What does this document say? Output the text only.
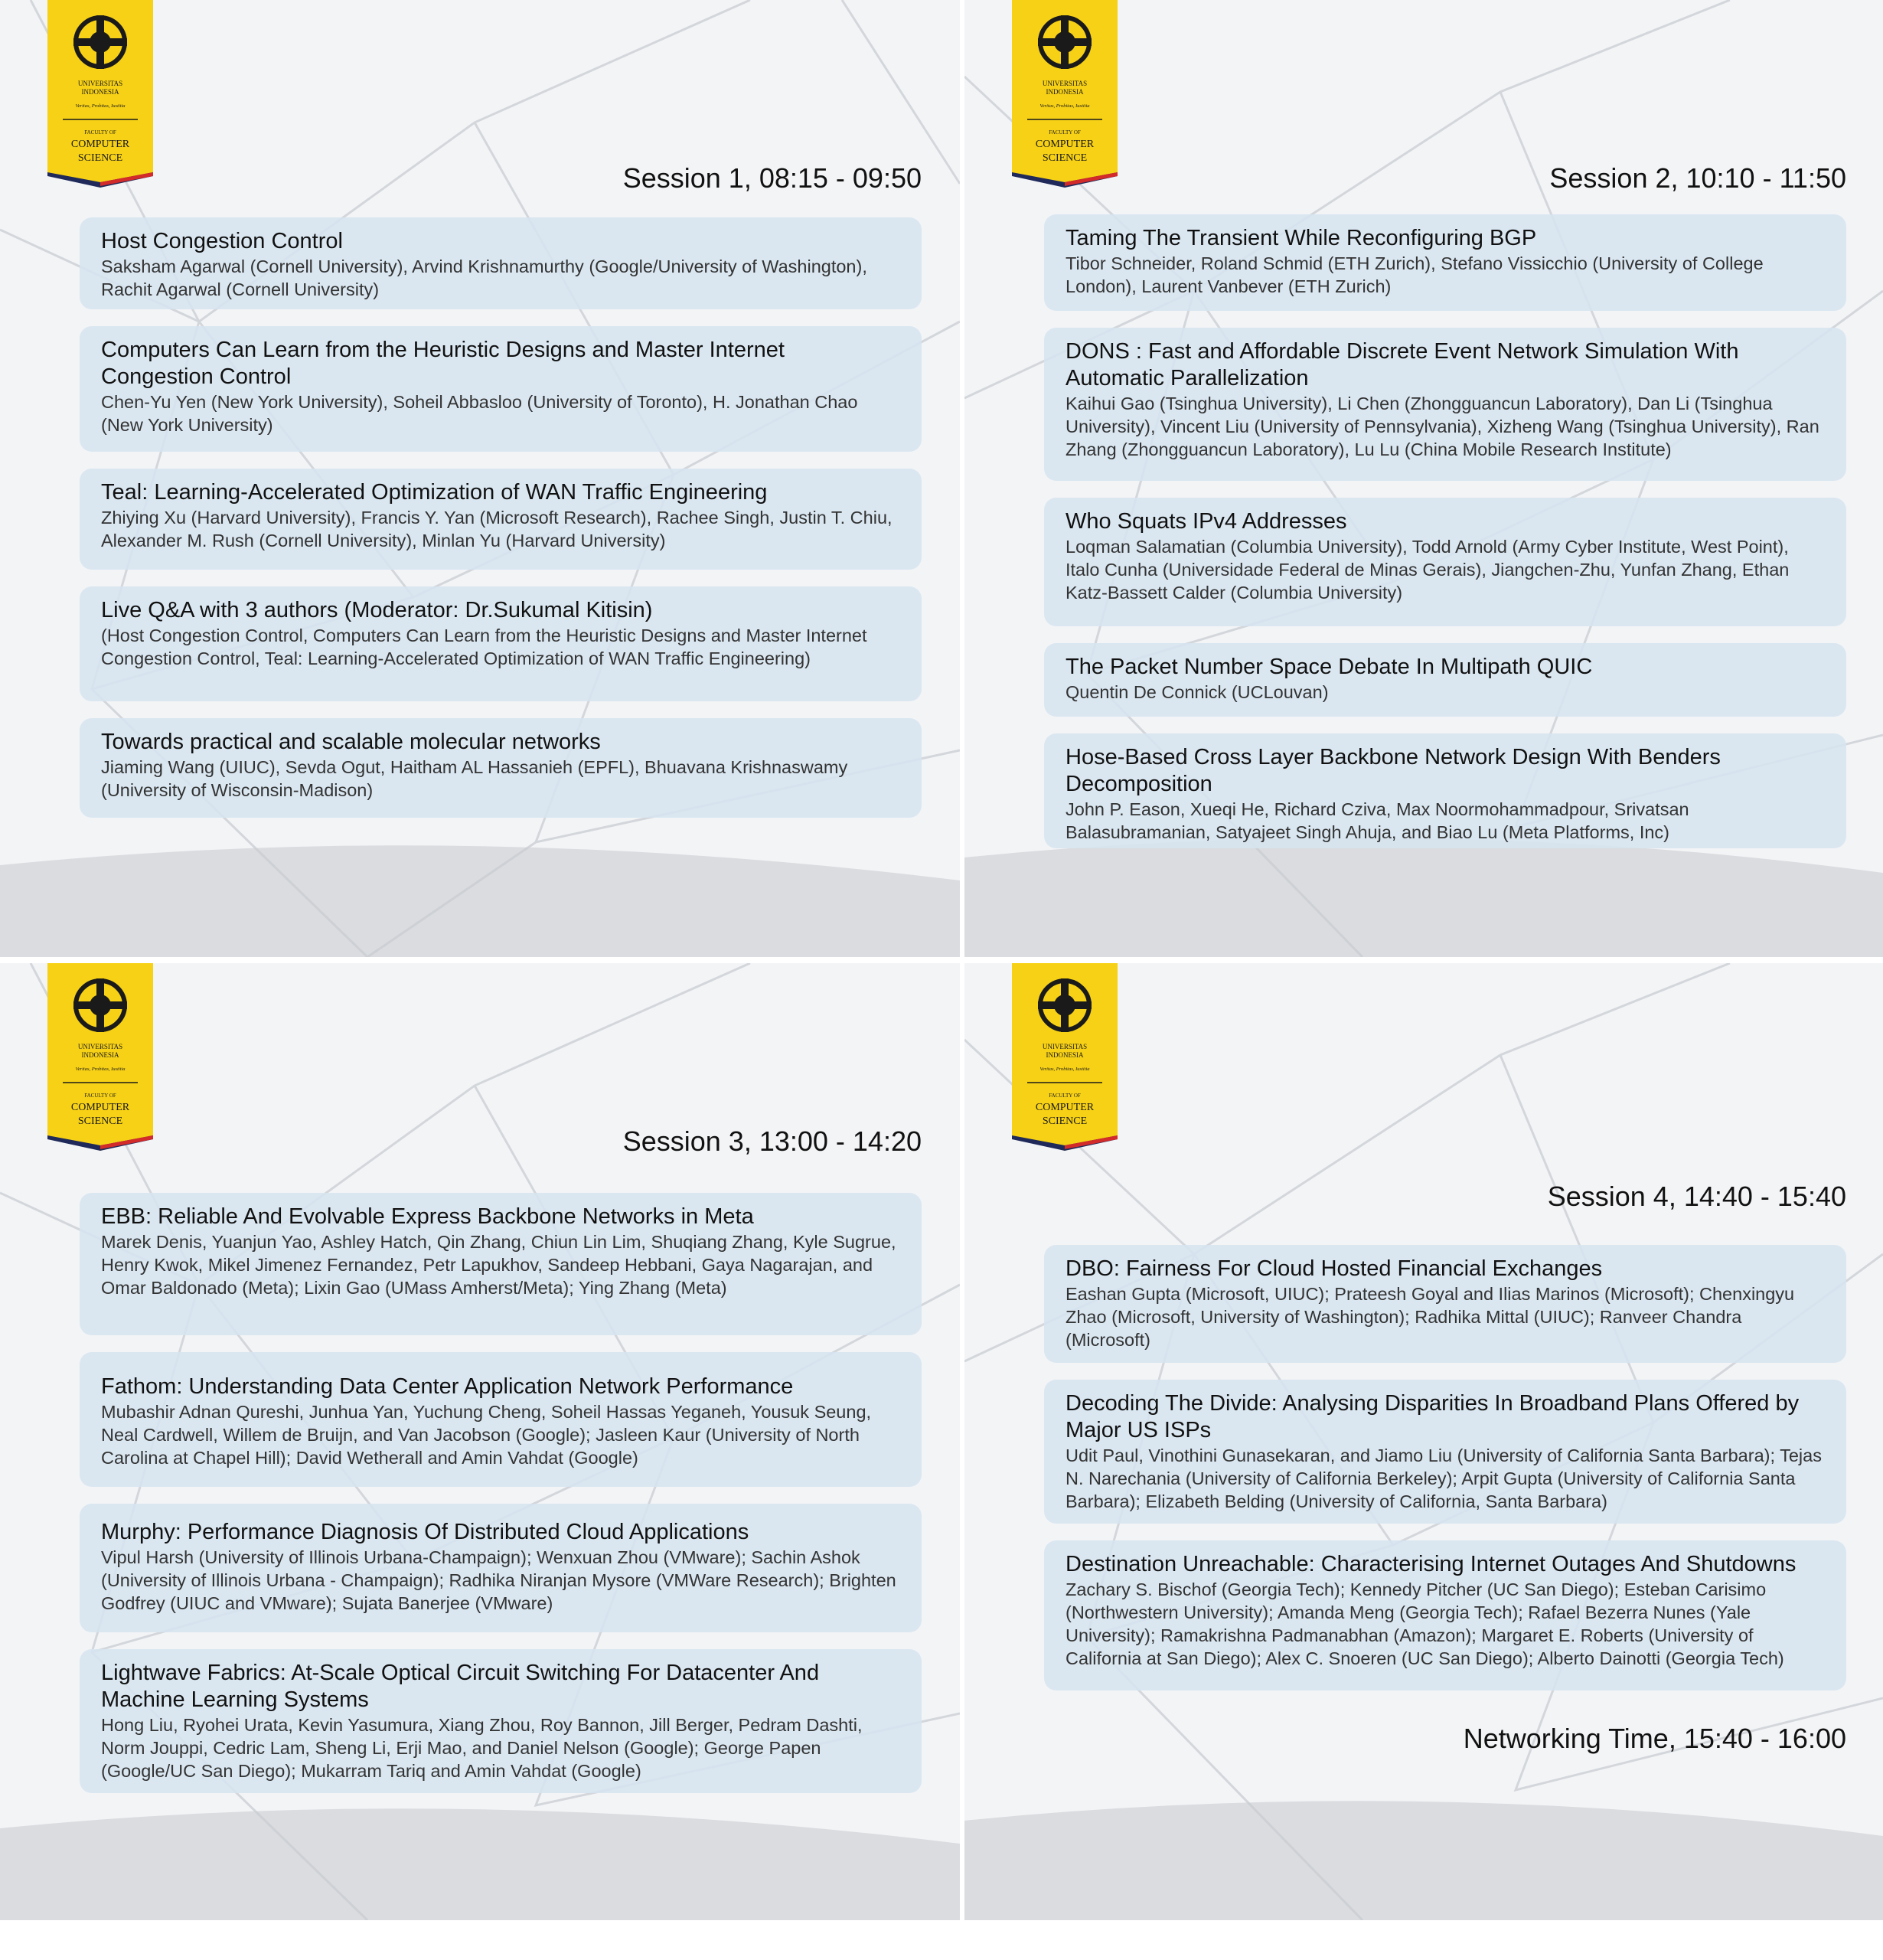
UNIVERSITAS
INDONESIA
Veritas, Probitas, Iustitia
FACULTY OF
COMPUTER
SCIENCE
Session 1, 08:15 - 09:50
Host Congestion Control
Saksham Agarwal (Cornell University), Arvind Krishnamurthy (Google/University of Washington), Rachit Agarwal (Cornell University)
Computers Can Learn from the Heuristic Designs and Master Internet Congestion Control
Chen-Yu Yen (New York University), Soheil Abbasloo (University of Toronto), H. Jonathan Chao (New York University)
Teal: Learning-Accelerated Optimization of WAN Traffic Engineering
Zhiying Xu (Harvard University), Francis Y. Yan (Microsoft Research), Rachee Singh, Justin T. Chiu, Alexander M. Rush (Cornell University), Minlan Yu (Harvard University)
Live Q&A with 3 authors (Moderator: Dr.Sukumal Kitisin)
(Host Congestion Control, Computers Can Learn from the Heuristic Designs and Master Internet Congestion Control, Teal: Learning-Accelerated Optimization of WAN Traffic Engineering)
Towards practical and scalable molecular networks
Jiaming Wang (UIUC), Sevda Ogut, Haitham AL Hassanieh (EPFL), Bhuavana Krishnaswamy (University of Wisconsin-Madison)
UNIVERSITAS
INDONESIA
Veritas, Probitas, Iustitia
FACULTY OF
COMPUTER
SCIENCE
Session 2, 10:10 - 11:50
Taming The Transient While Reconfiguring BGP
Tibor Schneider, Roland Schmid (ETH Zurich), Stefano Vissicchio (University of College London), Laurent Vanbever (ETH Zurich)
DONS : Fast and Affordable Discrete Event Network Simulation With Automatic Parallelization
Kaihui Gao (Tsinghua University), Li Chen (Zhongguancun Laboratory), Dan Li (Tsinghua University), Vincent Liu (University of Pennsylvania), Xizheng Wang (Tsinghua University), Ran Zhang (Zhongguancun Laboratory), Lu Lu (China Mobile Research Institute)
Who Squats IPv4 Addresses
Loqman Salamatian (Columbia University), Todd Arnold (Army Cyber Institute, West Point), Italo Cunha (Universidade Federal de Minas Gerais), Jiangchen-Zhu, Yunfan Zhang, Ethan Katz-Bassett Calder (Columbia University)
The Packet Number Space Debate In Multipath QUIC
Quentin De Connick (UCLouvan)
Hose-Based Cross Layer Backbone Network Design With Benders Decomposition
John P. Eason, Xueqi He, Richard Cziva, Max Noormohammadpour, Srivatsan Balasubramanian, Satyajeet Singh Ahuja, and Biao Lu (Meta Platforms, Inc)
UNIVERSITAS
INDONESIA
Veritas, Probitas, Iustitia
FACULTY OF
COMPUTER
SCIENCE
Session 3, 13:00 - 14:20
EBB: Reliable And Evolvable Express Backbone Networks in Meta
Marek Denis, Yuanjun Yao, Ashley Hatch, Qin Zhang, Chiun Lin Lim, Shuqiang Zhang, Kyle Sugrue, Henry Kwok, Mikel Jimenez Fernandez, Petr Lapukhov, Sandeep Hebbani, Gaya Nagarajan, and Omar Baldonado (Meta); Lixin Gao (UMass Amherst/Meta); Ying Zhang (Meta)
Fathom: Understanding Data Center Application Network Performance
Mubashir Adnan Qureshi, Junhua Yan, Yuchung Cheng, Soheil Hassas Yeganeh, Yousuk Seung, Neal Cardwell, Willem de Bruijn, and Van Jacobson (Google); Jasleen Kaur (University of North Carolina at Chapel Hill); David Wetherall and Amin Vahdat (Google)
Murphy: Performance Diagnosis Of Distributed Cloud Applications
Vipul Harsh (University of Illinois Urbana-Champaign); Wenxuan Zhou (VMware); Sachin Ashok (University of Illinois Urbana - Champaign); Radhika Niranjan Mysore (VMWare Research); Brighten Godfrey (UIUC and VMware); Sujata Banerjee (VMware)
Lightwave Fabrics: At-Scale Optical Circuit Switching For Datacenter And Machine Learning Systems
Hong Liu, Ryohei Urata, Kevin Yasumura, Xiang Zhou, Roy Bannon, Jill Berger, Pedram Dashti, Norm Jouppi, Cedric Lam, Sheng Li, Erji Mao, and Daniel Nelson (Google); George Papen (Google/UC San Diego); Mukarram Tariq and Amin Vahdat (Google)
UNIVERSITAS
INDONESIA
Veritas, Probitas, Iustitia
FACULTY OF
COMPUTER
SCIENCE
Session 4, 14:40 - 15:40
DBO: Fairness For Cloud Hosted Financial Exchanges
Eashan Gupta (Microsoft, UIUC); Prateesh Goyal and Ilias Marinos (Microsoft); Chenxingyu Zhao (Microsoft, University of Washington); Radhika Mittal (UIUC); Ranveer Chandra (Microsoft)
Decoding The Divide: Analysing Disparities In Broadband Plans Offered by Major US ISPs
Udit Paul, Vinothini Gunasekaran, and Jiamo Liu (University of California Santa Barbara); Tejas N. Narechania (University of California Berkeley); Arpit Gupta (University of California Santa Barbara); Elizabeth Belding (University of California, Santa Barbara)
Destination Unreachable: Characterising Internet Outages And Shutdowns
Zachary S. Bischof (Georgia Tech); Kennedy Pitcher (UC San Diego); Esteban Carisimo (Northwestern University); Amanda Meng (Georgia Tech); Rafael Bezerra Nunes (Yale University); Ramakrishna Padmanabhan (Amazon); Margaret E. Roberts (University of California at San Diego); Alex C. Snoeren (UC San Diego); Alberto Dainotti (Georgia Tech)
Networking Time, 15:40 - 16:00
